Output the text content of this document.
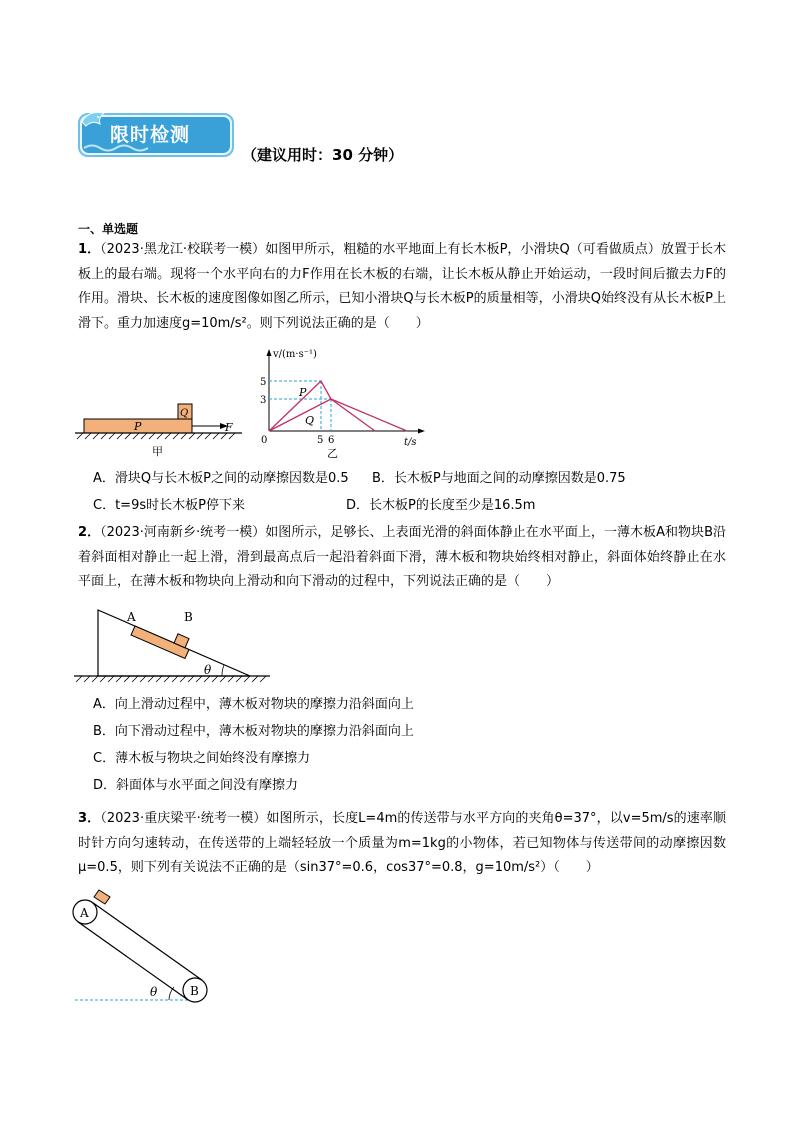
限时检测
（建议用时：30 分钟）
一、单选题
1．（2023·黑龙江·校联考一模）如图甲所示，粗糙的水平地面上有长木板P，小滑块Q（可看做质点）放置于长木板上的最右端。现将一个水平向右的力F作用在长木板的右端，让长木板从静止开始运动，一段时间后撤去力F的作用。滑块、长木板的速度图像如图乙所示，已知小滑块Q与长木板P的质量相等，小滑块Q始终没有从长木板P上滑下。重力加速度g=10m/s²。则下列说法正确的是（　　）
P
Q
F
甲
v/(m·s⁻¹)
t/s
5
3
0	5 6
P
Q
乙
A．滑块Q与长木板P之间的动摩擦因数是0.5 B．长木板P与地面之间的动摩擦因数是0.75
C．t=9s时长木板P停下来	D．长木板P的长度至少是16.5m
2．（2023·河南新乡·统考一模）如图所示，足够长、上表面光滑的斜面体静止在水平面上，一薄木板A和物块B沿着斜面相对静止一起上滑，滑到最高点后一起沿着斜面下滑，薄木板和物块始终相对静止，斜面体始终静止在水平面上，在薄木板和物块向上滑动和向下滑动的过程中，下列说法正确的是（　　）
A	B
θ
A．向上滑动过程中，薄木板对物块的摩擦力沿斜面向上
B．向下滑动过程中，薄木板对物块的摩擦力沿斜面向上
C．薄木板与物块之间始终没有摩擦力
D．斜面体与水平面之间没有摩擦力
3．（2023·重庆梁平·统考一模）如图所示，长度L=4m的传送带与水平方向的夹角θ=37°，以v=5m/s的速率顺时针方向匀速转动，在传送带的上端轻轻放一个质量为m=1kg的小物体，若已知物体与传送带间的动摩擦因数μ=0.5，则下列有关说法不正确的是（sin37°=0.6，cos37°=0.8，g=10m/s²）（　　）
A
B
θ
